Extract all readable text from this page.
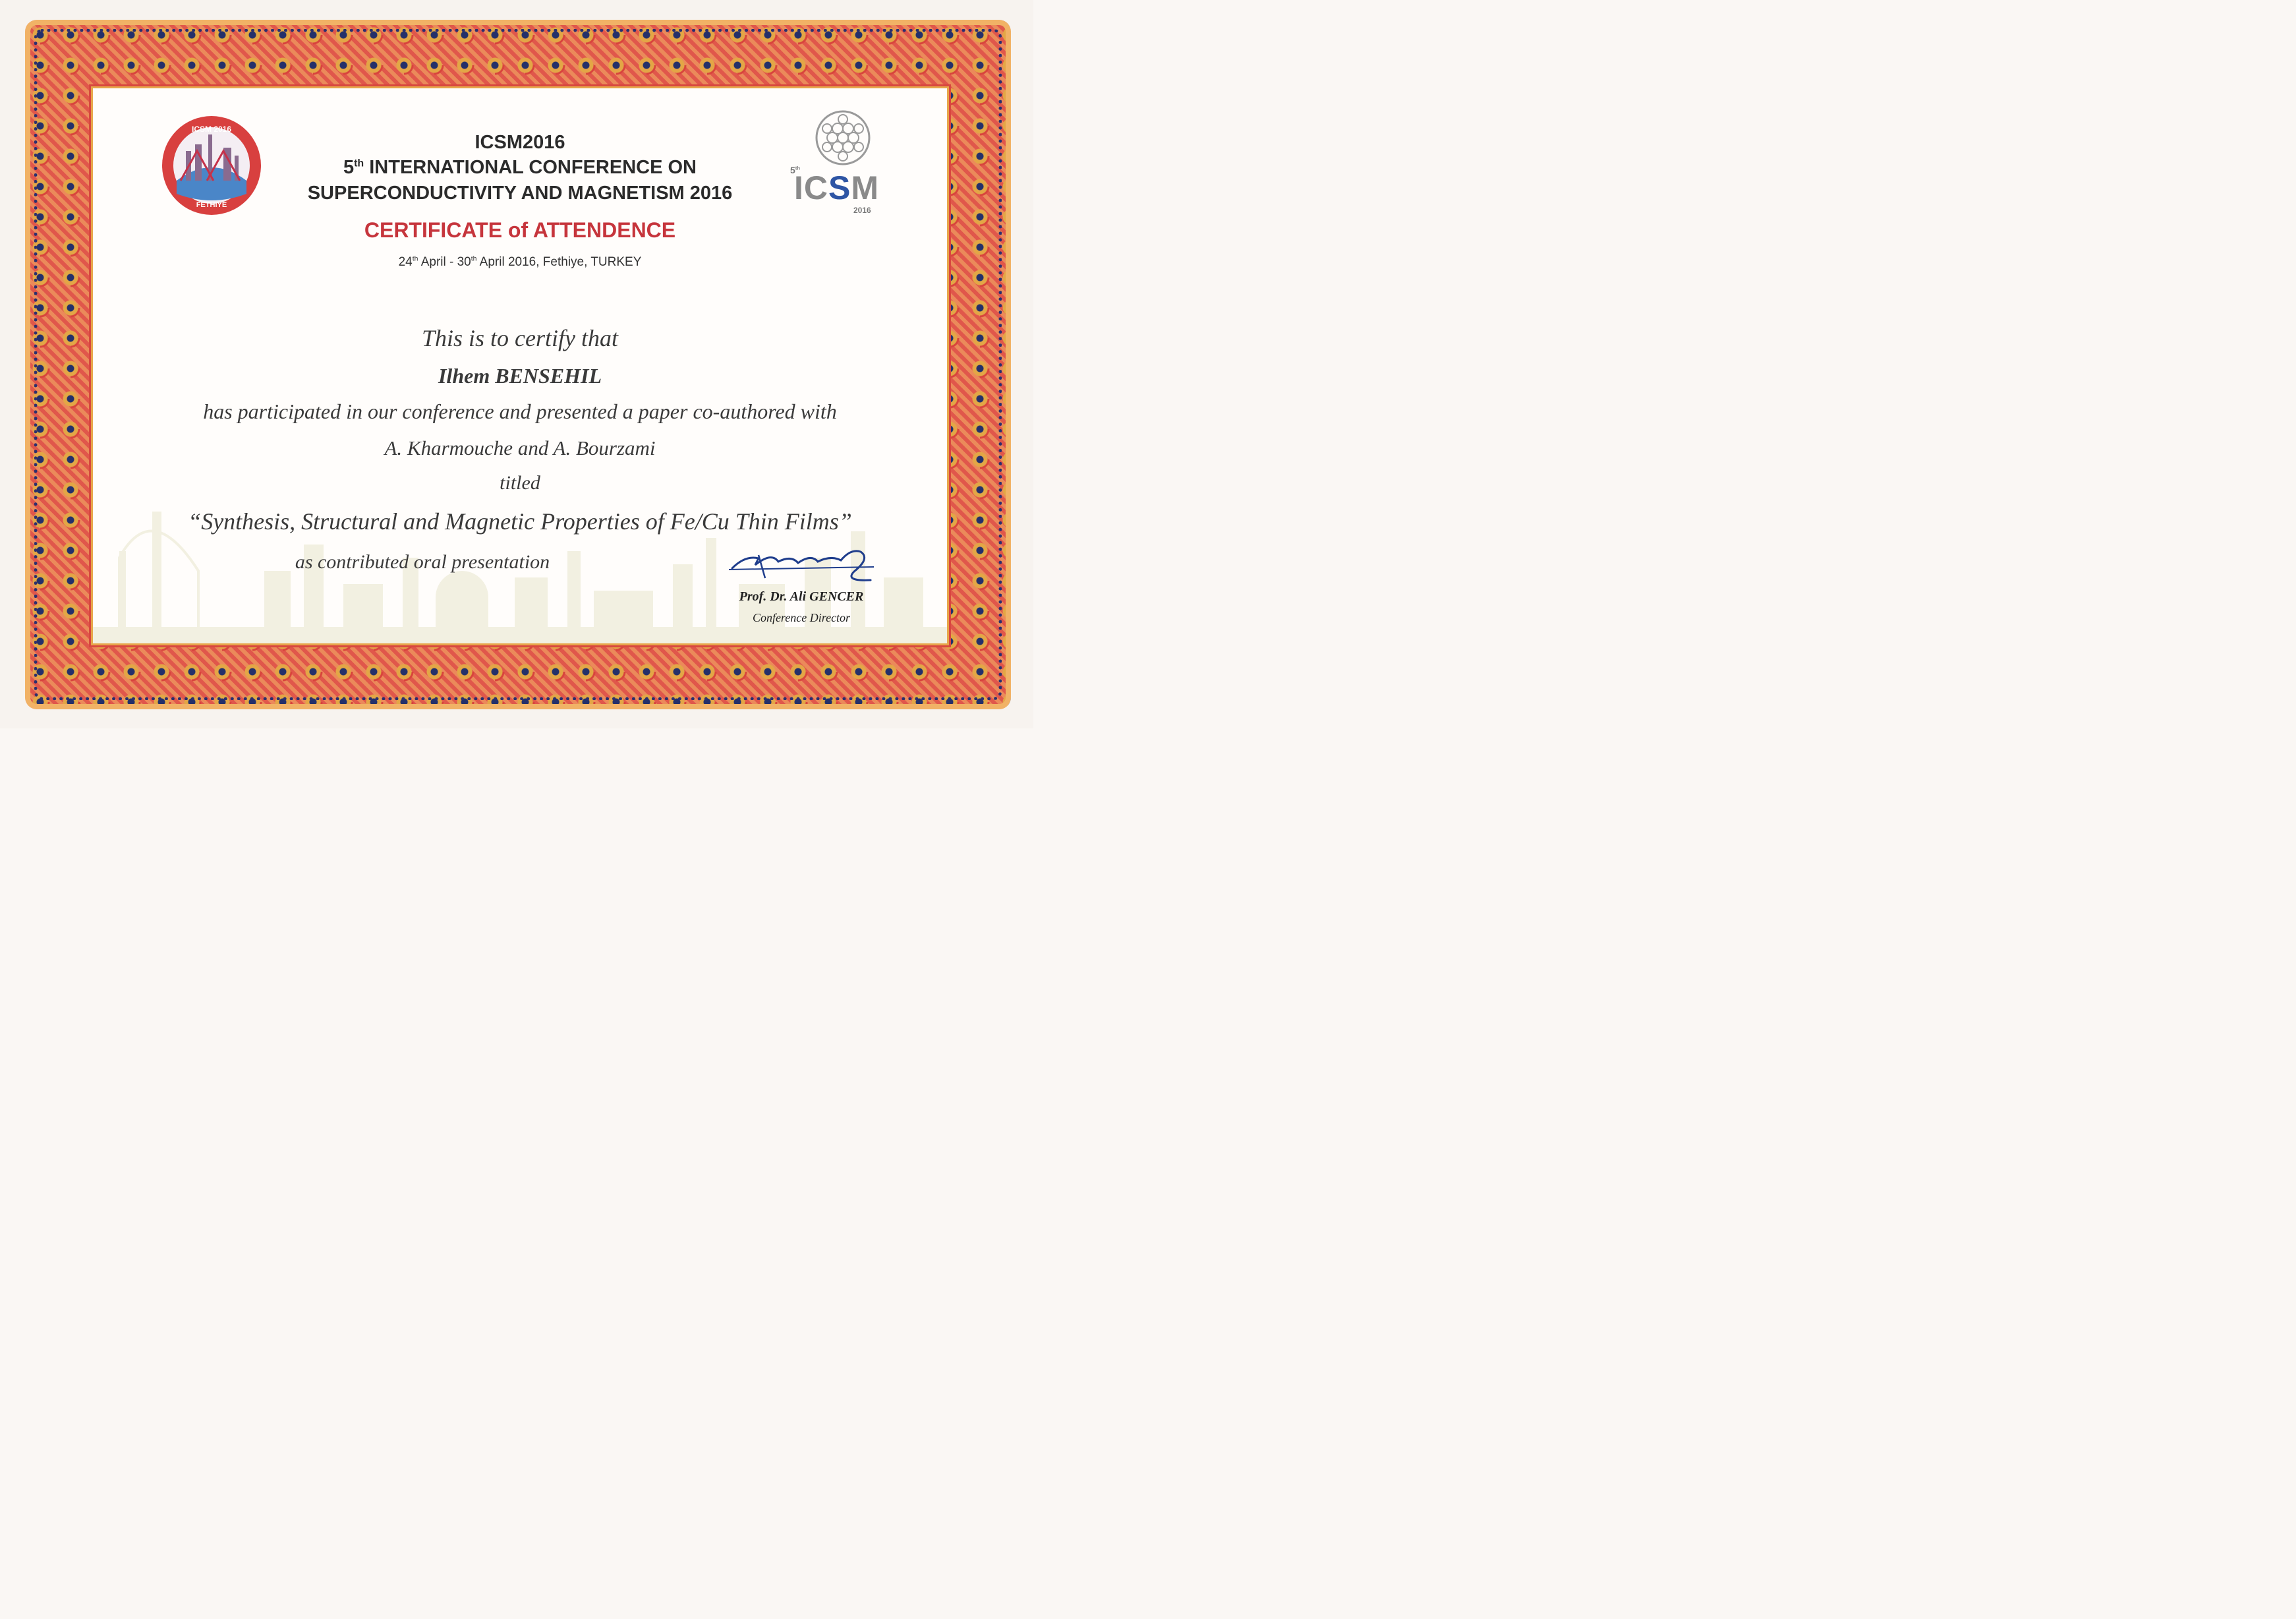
ICSM 2016
FETHIYE
5th
ICSM
2016
ICSM2016
5th INTERNATIONAL CONFERENCE ON
SUPERCONDUCTIVITY AND MAGNETISM 2016
CERTIFICATE of ATTENDENCE
24th April - 30th April 2016, Fethiye, TURKEY
This is to certify that
Ilhem BENSEHIL
has participated in our conference and presented a paper co-authored with
A. Kharmouche and A. Bourzami
titled
“Synthesis, Structural and Magnetic Properties of Fe/Cu Thin Films”
as contributed oral presentation
Prof. Dr. Ali GENCER
Conference Director
